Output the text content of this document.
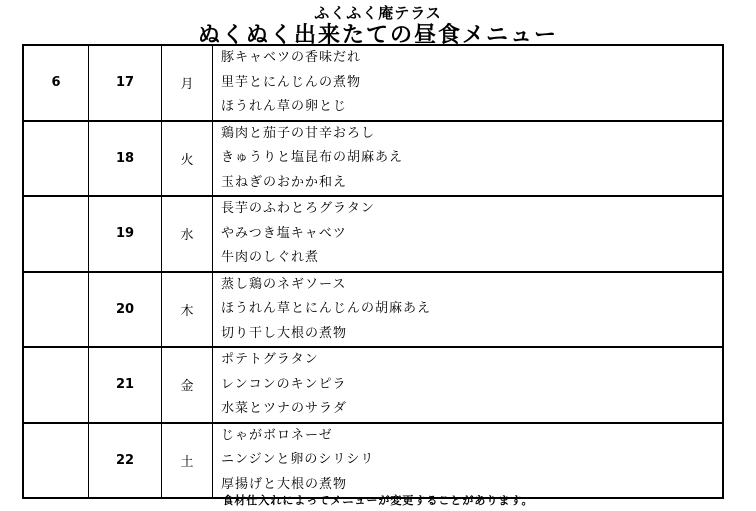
ふくふく庵テラス
ぬくぬく出来たての昼食メニュー
6	17	月	豚キャベツの香味だれ
里芋とにんじんの煮物
ほうれん草の卵とじ

	18	火	鶏肉と茄子の甘辛おろし
きゅうりと塩昆布の胡麻あえ
玉ねぎのおかか和え

	19	水	長芋のふわとろグラタン
やみつき塩キャベツ
牛肉のしぐれ煮

	20	木	蒸し鶏のネギソース
ほうれん草とにんじんの胡麻あえ
切り干し大根の煮物

	21	金	ポテトグラタン
レンコンのキンピラ
水菜とツナのサラダ

	22	土	じゃがボロネーゼ
ニンジンと卵のシリシリ
厚揚げと大根の煮物
食材仕入れによってメニューが変更することがあります。
